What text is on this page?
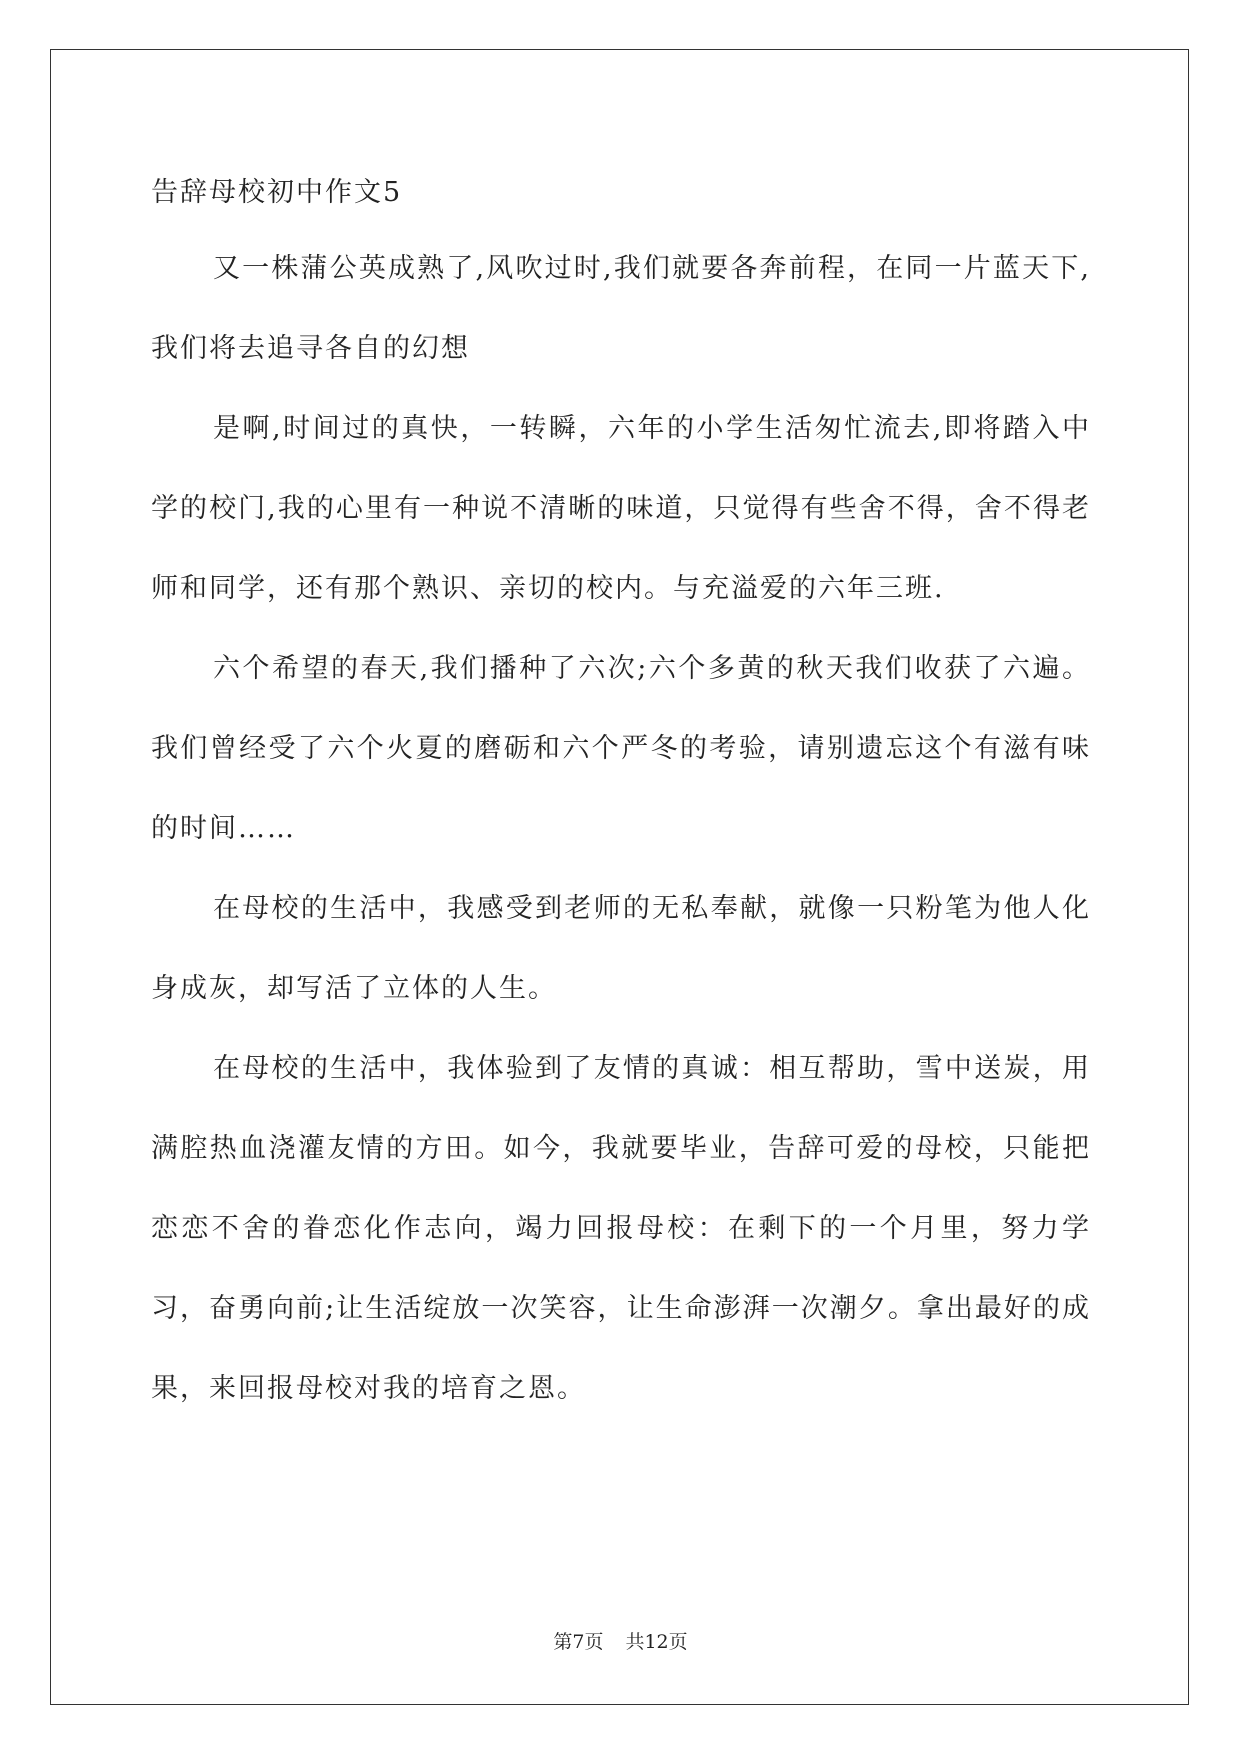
告辞母校初中作文5

又一株蒲公英成熟了,风吹过时,我们就要各奔前程，在同一片蓝天下,我们将去追寻各自的幻想

是啊,时间过的真快，一转瞬，六年的小学生活匆忙流去,即将踏入中学的校门,我的心里有一种说不清晰的味道，只觉得有些舍不得，舍不得老师和同学，还有那个熟识、亲切的校内。与充溢爱的六年三班.

六个希望的春天,我们播种了六次;六个多黄的秋天我们收获了六遍。我们曾经受了六个火夏的磨砺和六个严冬的考验，请别遗忘这个有滋有味的时间……

在母校的生活中，我感受到老师的无私奉献，就像一只粉笔为他人化身成灰，却写活了立体的人生。

在母校的生活中，我体验到了友情的真诚：相互帮助，雪中送炭，用满腔热血浇灌友情的方田。如今，我就要毕业，告辞可爱的母校，只能把恋恋不舍的眷恋化作志向，竭力回报母校：在剩下的一个月里，努力学习，奋勇向前;让生活绽放一次笑容，让生命澎湃一次潮夕。拿出最好的成果，来回报母校对我的培育之恩。

第7页 共12页
